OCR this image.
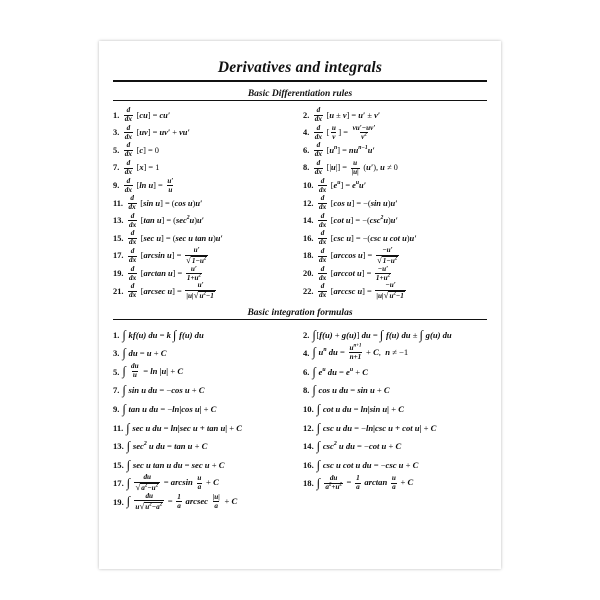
Derivatives and integrals
Basic Differentiation rules
1. $\frac{d}{dx} [cu] = cu'$	2. $\frac{d}{dx} [u \pm v] = u' \pm v'$
3. $\frac{d}{dx} [uv] = uv' + vu'$	4. $\frac{d}{dx}$ [ $\frac{u}{v}$ ] = $\frac{vu'-uv'}{v^2}$
5. $\frac{d}{dx} [c] = 0$	6. $\frac{d}{dx} [u^n] = nu^{n-1}u'$
7. $\frac{d}{dx} [x] = 1$	8. $\frac{d}{dx} [|u|] = \frac{u}{|u|} (u')$, u ≠ 0
9. $\frac{d}{dx} [\ln$ $u] = \frac{u'}{u}$	10. $\frac{d}{dx} [e^u] = e^uu'$
11. $\frac{d}{dx} [\sin$ u] = (cos u)u′	12. $\frac{d}{dx} [\cos$ u] = −(sin u)u′
13. $\frac{d}{dx} [\tan$ $u] = (\sec^2u)u'$	14. $\frac{d}{dx} [\cot$ $u] = -(\csc^2u)u'$
15. $\frac{d}{dx} [\sec$ u] = (sec u tan u)u′	16. $\frac{d}{dx} [\csc$ u] = −(csc u cot u)u′
17. $\frac{d}{dx} [\arcsin$ $u] = \frac{u'}{√1-u^2}$	18. $\frac{d}{dx} [\arccos$ $u] = \frac{-u'}{√1-u^2}$
19. $\frac{d}{dx} [\arctan$ $u] = \frac{u'}{1+u^2}$	20. $\frac{d}{dx} [arccot$ $u] = \frac{-u'}{1+u^2}$
21. $\frac{d}{dx} [arcsec$ $u] = \frac{u'}{|u|√u^2-1}$	22. $\frac{d}{dx} [arccsc$ $u] = \frac{-u'}{|u|√u^2-1}$
Basic integration formulas
1. ∫ kf(u) du = k ∫ f(u) du	2. ∫[f(u) + g(u)] du = ∫ f(u) du ± ∫ g(u) du
3. ∫ du = u + C	4. ∫ $u^n$ du = $\frac{u^{n+1}}{n+1} + C$,  n ≠ −1
5. ∫ $\frac{du}{u} = \ln |u| + C$	6. ∫ $e^u$ du = $e^u + C$
7. ∫ sin u du = −cos u + C	8. ∫ cos u du = sin u + C
9. ∫ tan u du = −ln|cos u| + C	10. ∫ cot u du = ln|sin u| + C
11. ∫ sec u du = ln|sec u + tan u| + C	12. ∫ csc u du = −ln|csc u + cot u| + C
13. ∫ $\sec^2 u$ du = tan u + C	14. ∫ $\csc^2 u$ du = −cot u + C
15. ∫ sec u tan u du = sec u + C	16. ∫ csc u cot u du = −csc u + C
17. ∫ $\frac{du}{√a^2-u^2} = \arcsin \frac{u}{a} + C$	18. ∫ $\frac{du}{a^2+u^2} = \frac{1}{a}$ $\arctan \frac{u}{a} + C$
19. ∫ $\frac{du}{u√u^2-a^2} = \frac{1}{a}$ arcsec $\frac{|u|}{a} + C$
